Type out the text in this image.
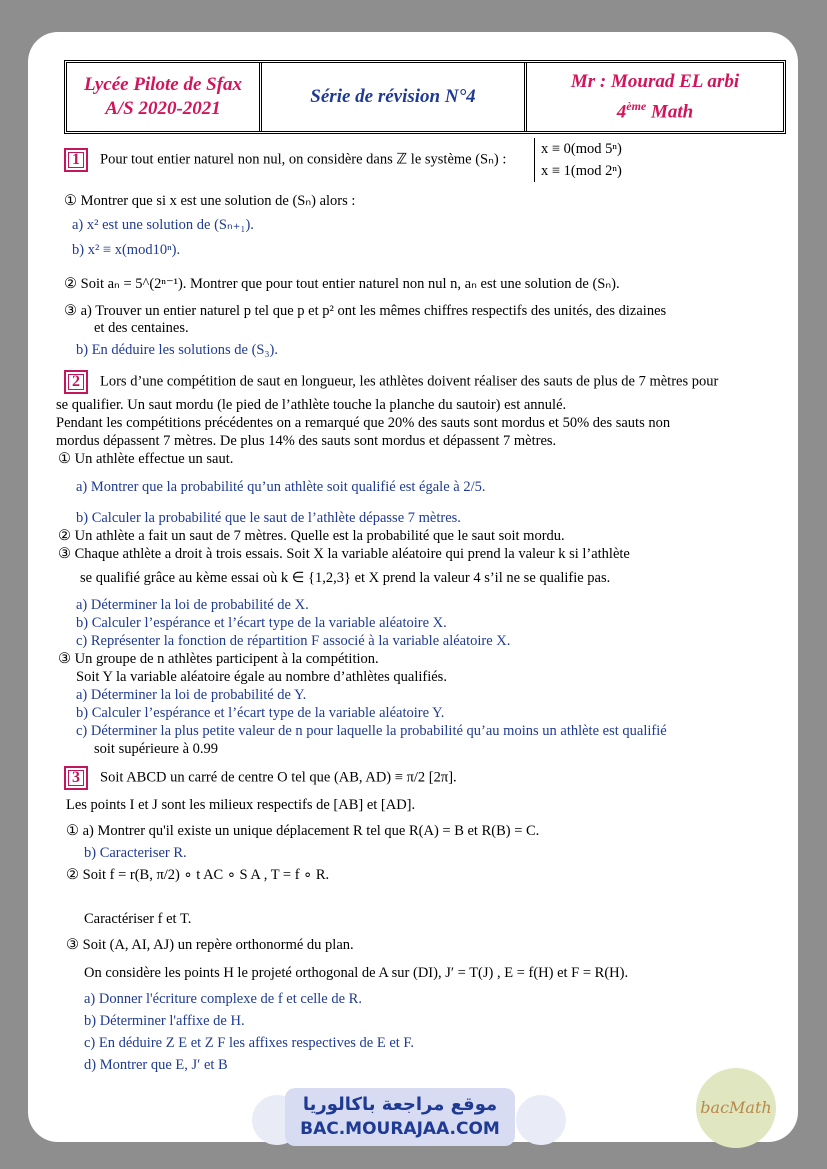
Lycée Pilote de Sfax
A/S 2020-2021
Série de révision N°4
Mr : Mourad EL arbi
4ème Math
1 Pour tout entier naturel non nul, on considère dans ℤ le système (Sₙ) :
x ≡ 0(mod 5ⁿ)
x ≡ 1(mod 2ⁿ)
① Montrer que si x est une solution de (Sₙ) alors :
a) x² est une solution de (Sₙ₊₁).
b) x² ≡ x(mod10ⁿ).
② Soit aₙ = 5^(2ⁿ⁻¹). Montrer que pour tout entier naturel non nul n, aₙ est une solution de (Sₙ).
③ a) Trouver un entier naturel p tel que p et p² ont les mêmes chiffres respectifs des unités, des dizaines
et des centaines.
b) En déduire les solutions de (S₃).
2 Lors d’une compétition de saut en longueur, les athlètes doivent réaliser des sauts de plus de 7 mètres pour
se qualifier. Un saut mordu (le pied de l’athlète touche la planche du sautoir) est annulé.
Pendant les compétitions précédentes on a remarqué que 20% des sauts sont mordus et 50% des sauts non
mordus dépassent 7 mètres. De plus 14% des sauts sont mordus et dépassent 7 mètres.
① Un athlète effectue un saut.
a) Montrer que la probabilité qu’un athlète soit qualifié est égale à 2/5.
b) Calculer la probabilité que le saut de l’athlète dépasse 7 mètres.
② Un athlète a fait un saut de 7 mètres. Quelle est la probabilité que le saut soit mordu.
③ Chaque athlète a droit à trois essais. Soit X la variable aléatoire qui prend la valeur k si l’athlète
se qualifié grâce au kème essai où k ∈ {1,2,3} et X prend la valeur 4 s’il ne se qualifie pas.
a) Déterminer la loi de probabilité de X.
b) Calculer l’espérance et l’écart type de la variable aléatoire X.
c) Représenter la fonction de répartition F associé à la variable aléatoire X.
③ Un groupe de n athlètes participent à la compétition.
Soit Y la variable aléatoire égale au nombre d’athlètes qualifiés.
a) Déterminer la loi de probabilité de Y.
b) Calculer l’espérance et l’écart type de la variable aléatoire Y.
c) Déterminer la plus petite valeur de n pour laquelle la probabilité qu’au moins un athlète est qualifié
soit supérieure à 0.99
3 Soit ABCD un carré de centre O tel que (AB, AD) ≡ π/2 [2π].
Les points I et J sont les milieux respectifs de [AB] et [AD].
① a) Montrer qu'il existe un unique déplacement R tel que R(A) = B et R(B) = C.
b) Caracteriser R.
② Soit f = r(B, π/2) ∘ t AC ∘ S A , T = f ∘ R.
Caractériser f et T.
③ Soit (A, AI, AJ) un repère orthonormé du plan.
On considère les points H le projeté orthogonal de A sur (DI), J′ = T(J) , E = f(H) et F = R(H).
a) Donner l'écriture complexe de f et celle de R.
b) Déterminer l'affixe de H.
c) En déduire Z E et Z F les affixes respectives de E et F.
d) Montrer que E, J′ et B
موقع مراجعة باكالوريا
BAC.MOURAJAA.COM
bacMath
